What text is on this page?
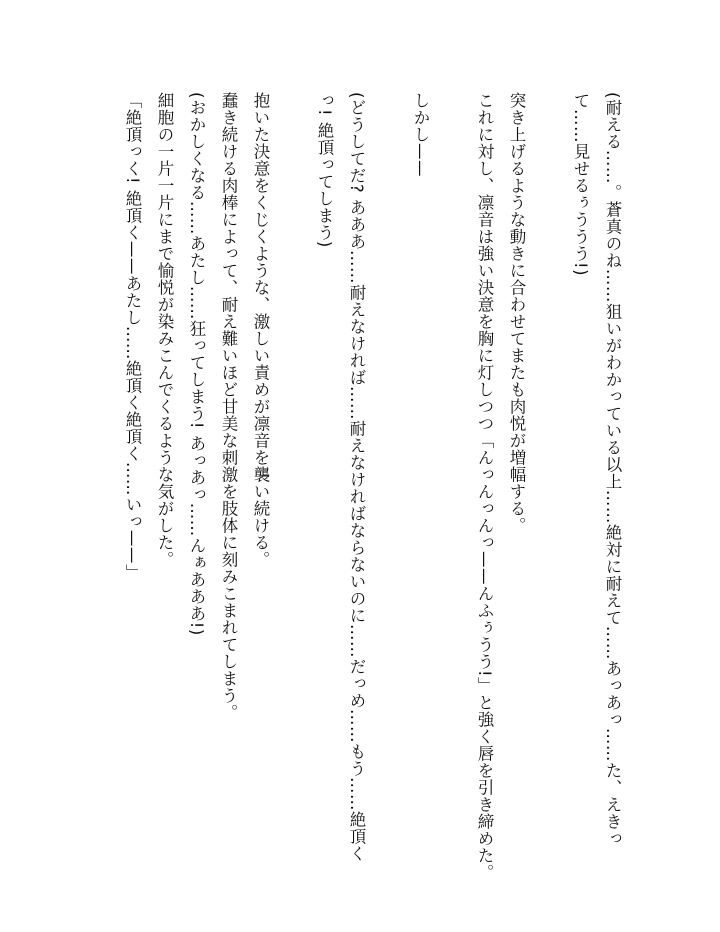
(耐える……。蒼真のね……狙いがわかっている以上……絶対に耐えて……あっあっ……た、えきって……見せるぅううう!)

突き上げるような動きに合わせてまたも肉悦が増幅する。

これに対し、凛音は強い決意を胸に灯しつつ「んっんっんっ——んふぅうう!」と強く唇を引き締めた。

しかし——

(どうしてだ? あああ……耐えなければ……耐えなければならないのに……だっめ……もう……絶頂くっ! 絶頂ってしまう)

抱いた決意をくじくような、激しい責めが凛音を襲い続ける。

蠢き続ける肉棒によって、耐え難いほど甘美な刺激を肢体に刻みこまれてしまう。

(おかしくなる……あたし……狂ってしまう! あっあっ……んぁあああ!)

細胞の一片一片にまで愉悦が染みこんでくるような気がした。

「絶頂っく! 絶頂く——あたし……絶頂く絶頂く……いっ——」
